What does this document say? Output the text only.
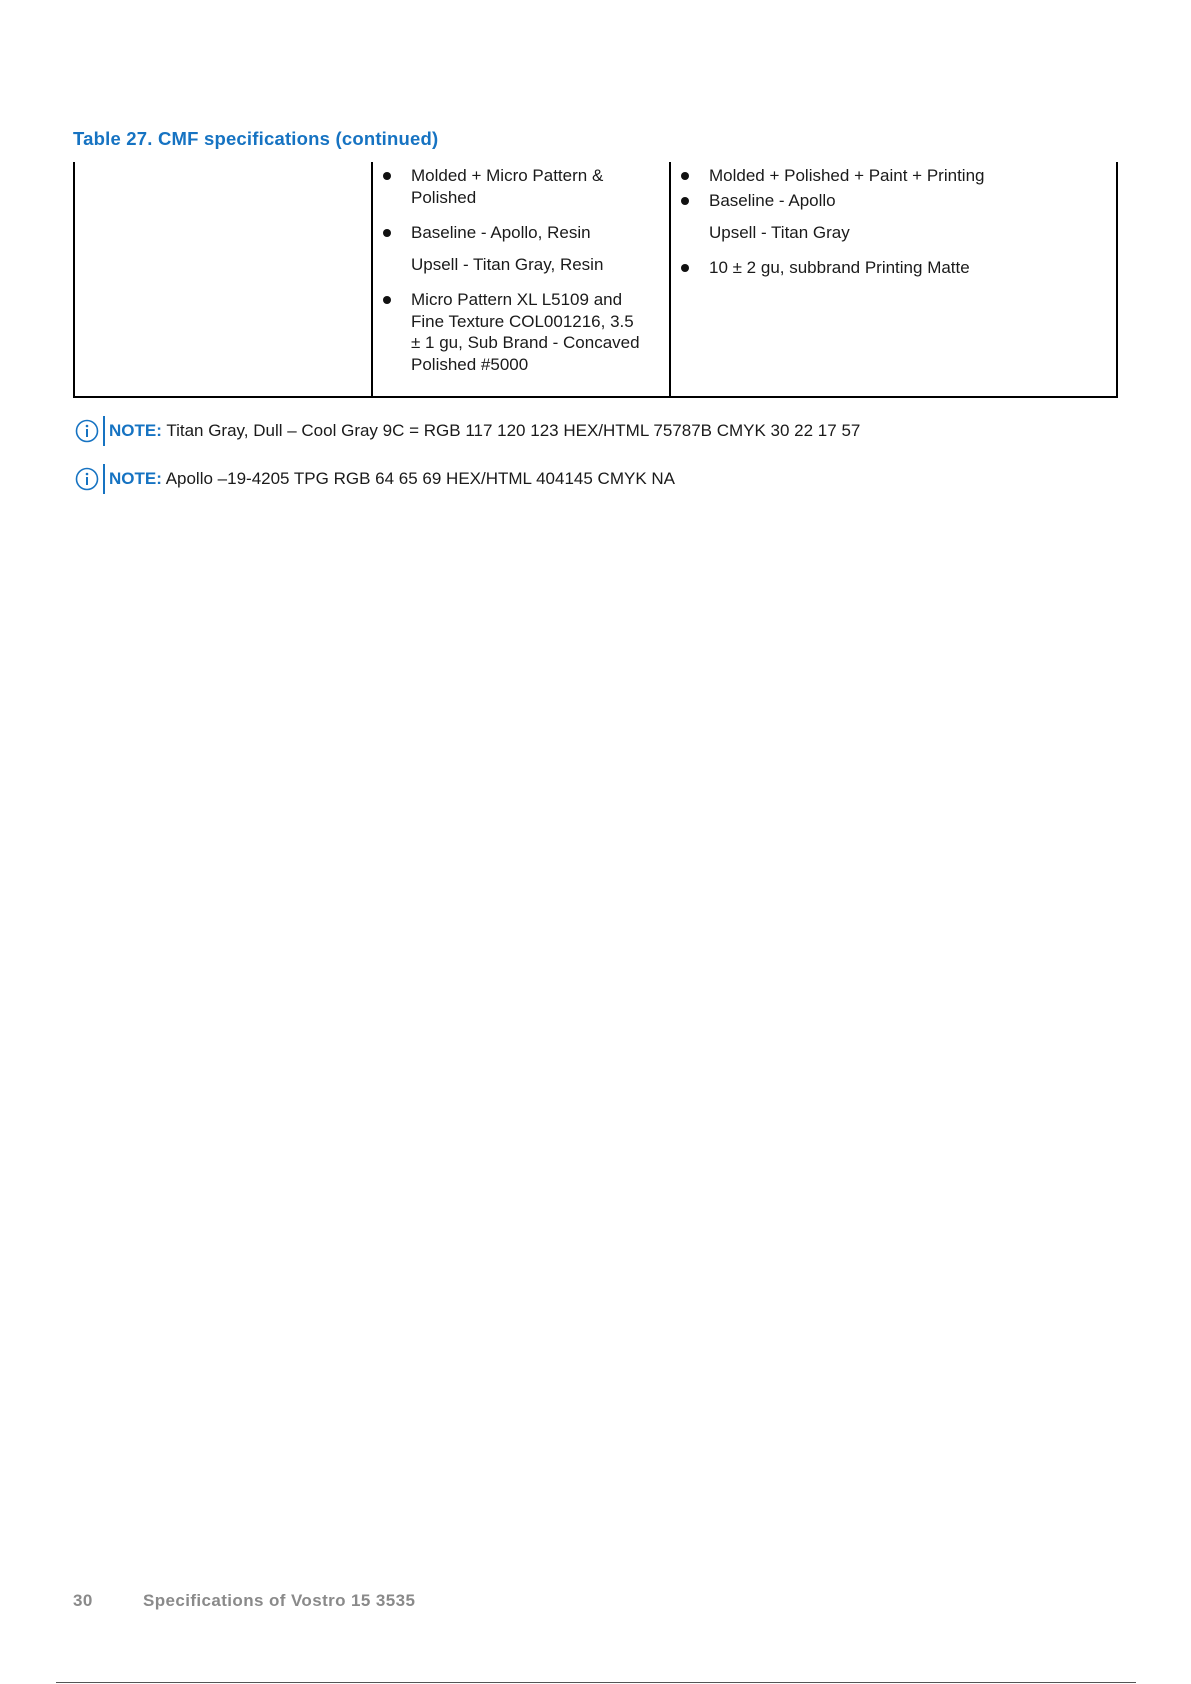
Table 27. CMF specifications (continued)
Molded + Micro Pattern &
Polished
Baseline - Apollo, Resin
Upsell - Titan Gray, Resin
Micro Pattern XL L5109 and
Fine Texture COL001216, 3.5
± 1 gu, Sub Brand - Concaved
Polished #5000
Molded + Polished + Paint + Printing
Baseline - Apollo
Upsell - Titan Gray
10 ± 2 gu, subbrand Printing Matte
NOTE: Titan Gray, Dull – Cool Gray 9C = RGB 117 120 123 HEX/HTML 75787B CMYK 30 22 17 57
NOTE: Apollo –19-4205 TPG RGB 64 65 69 HEX/HTML 404145 CMYK NA
30	Specifications of Vostro 15 3535
